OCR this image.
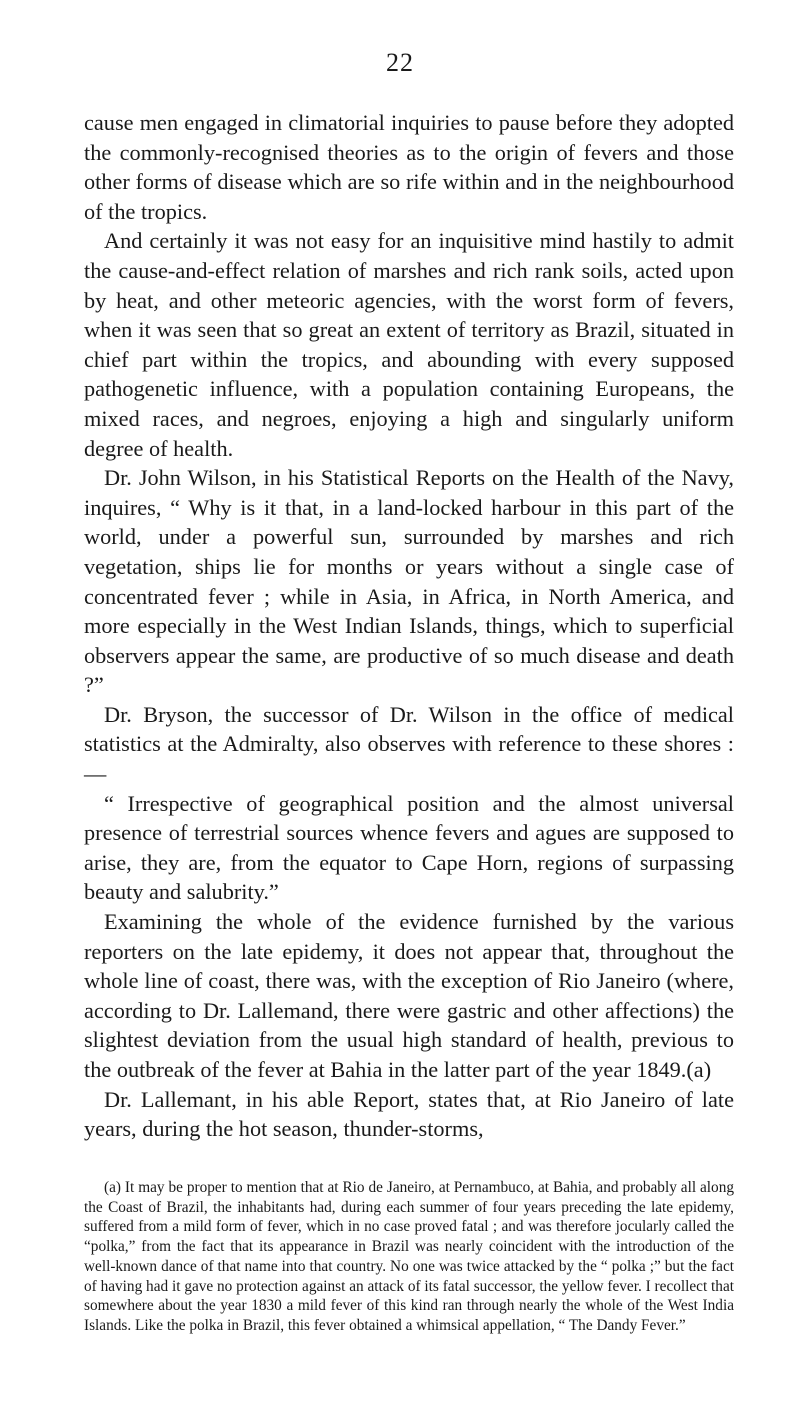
22

cause men engaged in climatorial inquiries to pause before they adopted the commonly-recognised theories as to the origin of fevers and those other forms of disease which are so rife within and in the neighbourhood of the tropics.

And certainly it was not easy for an inquisitive mind hastily to admit the cause-and-effect relation of marshes and rich rank soils, acted upon by heat, and other meteoric agencies, with the worst form of fevers, when it was seen that so great an extent of territory as Brazil, situated in chief part within the tropics, and abounding with every supposed pathogenetic influence, with a population containing Europeans, the mixed races, and negroes, enjoying a high and singularly uniform degree of health.

Dr. John Wilson, in his Statistical Reports on the Health of the Navy, inquires, “ Why is it that, in a land-locked harbour in this part of the world, under a powerful sun, surrounded by marshes and rich vegetation, ships lie for months or years without a single case of concentrated fever ; while in Asia, in Africa, in North America, and more especially in the West Indian Islands, things, which to superficial observers appear the same, are productive of so much disease and death ?”

Dr. Bryson, the successor of Dr. Wilson in the office of medical statistics at the Admiralty, also observes with reference to these shores : —

“ Irrespective of geographical position and the almost universal presence of terrestrial sources whence fevers and agues are supposed to arise, they are, from the equator to Cape Horn, regions of surpassing beauty and salubrity.”

Examining the whole of the evidence furnished by the various reporters on the late epidemy, it does not appear that, throughout the whole line of coast, there was, with the exception of Rio Janeiro (where, according to Dr. Lallemand, there were gastric and other affections) the slightest deviation from the usual high standard of health, previous to the outbreak of the fever at Bahia in the latter part of the year 1849.(a)

Dr. Lallemant, in his able Report, states that, at Rio Janeiro of late years, during the hot season, thunder-storms,

(a) It may be proper to mention that at Rio de Janeiro, at Pernambuco, at Bahia, and probably all along the Coast of Brazil, the inhabitants had, during each summer of four years preceding the late epidemy, suffered from a mild form of fever, which in no case proved fatal ; and was therefore jocularly called the “polka,” from the fact that its appearance in Brazil was nearly coincident with the introduction of the well-known dance of that name into that country. No one was twice attacked by the “ polka ;” but the fact of having had it gave no protection against an attack of its fatal successor, the yellow fever. I recollect that somewhere about the year 1830 a mild fever of this kind ran through nearly the whole of the West India Islands. Like the polka in Brazil, this fever obtained a whimsical appellation, “ The Dandy Fever.”
